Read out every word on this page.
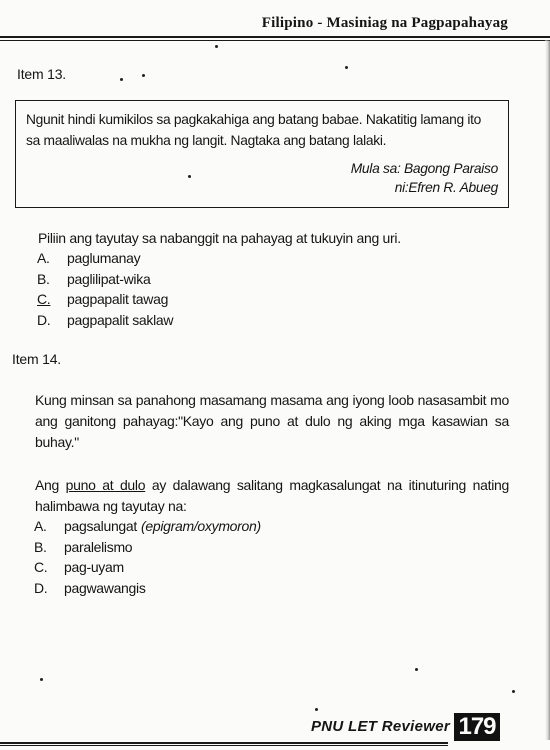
Filipino - Masiniag na Pagpapahayag
Item 13.

Ngunit hindi kumikilos sa pagkakahiga ang batang babae. Nakatitig lamang ito sa maaliwalas na mukha ng langit. Nagtaka ang batang lalaki.

Mula sa: Bagong Paraiso
ni:Efren R. Abueg

Piliin ang tayutay sa nabanggit na pahayag at tukuyin ang uri.

A.	paglumanay
B.	paglilipat-wika
C.	pagpapalit tawag
D.	pagpapalit saklaw
Item 14.

Kung minsan sa panahong masamang masama ang iyong loob nasasambit mo ang ganitong pahayag:"Kayo ang puno at dulo ng aking mga kasawian sa buhay."

Ang puno at dulo ay dalawang salitang magkasalungat na itinuturing nating halimbawa ng tayutay na:

A.	pagsalungat (epigram/oxymoron)
B.	paralelismo
C.	pag-uyam
D.	pagwawangis
PNU LET Reviewer 179
